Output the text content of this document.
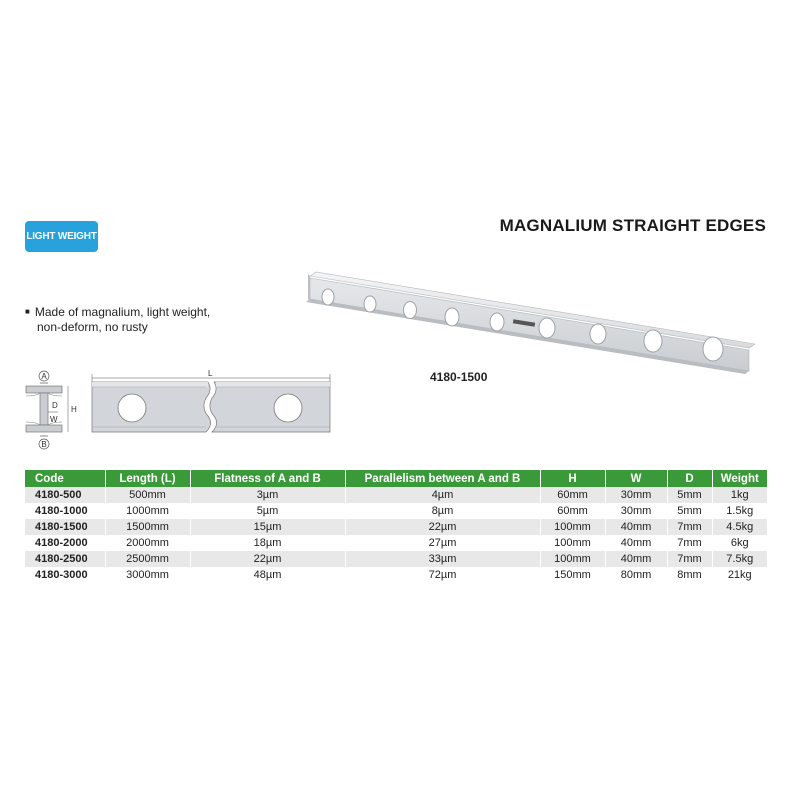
LIGHT WEIGHT
MAGNALIUM STRAIGHT EDGES
■ Made of magnalium, light weight,
non-deform, no rusty
4180-1500
A
B
D
W
H
L
Code	Length (L)	Flatness of A and B	Parallelism between A and B	H	W	D	Weight
4180-500	500mm	3µm	4µm	60mm	30mm	5mm	1kg
4180-1000	1000mm	5µm	8µm	60mm	30mm	5mm	1.5kg
4180-1500	1500mm	15µm	22µm	100mm	40mm	7mm	4.5kg
4180-2000	2000mm	18µm	27µm	100mm	40mm	7mm	6kg
4180-2500	2500mm	22µm	33µm	100mm	40mm	7mm	7.5kg
4180-3000	3000mm	48µm	72µm	150mm	80mm	8mm	21kg
